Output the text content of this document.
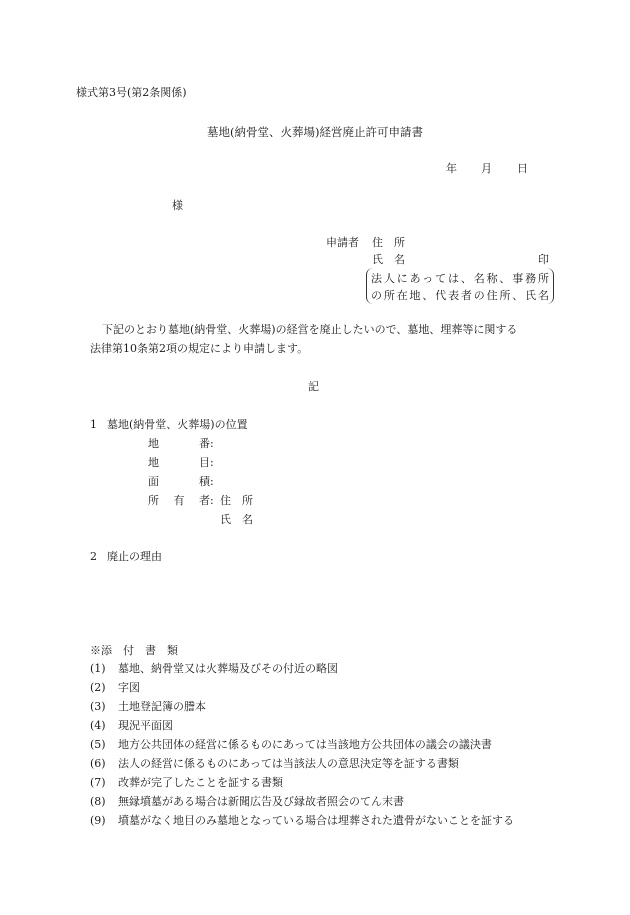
様式第3号(第2条関係)
墓地(納骨堂、火葬場)経営廃止許可申請書
年 月 日
様
申請者 住　所
氏　名	印
法人にあっては、名称、事務所
の所在地、代表者の住所、氏名
下記のとおり墓地(納骨堂、火葬場)の経営を廃止したいので、墓地、埋葬等に関する
法律第10条第2項の規定により申請します。
記
1 墓地(納骨堂、火葬場)の位置
地番:
地目:
面積:
所有者: 住　所
氏　名
2 廃止の理由
※添　付　書　類
(1) 墓地、納骨堂又は火葬場及びその付近の略図
(2) 字図
(3) 土地登記簿の謄本
(4) 現況平面図
(5) 地方公共団体の経営に係るものにあっては当該地方公共団体の議会の議決書
(6) 法人の経営に係るものにあっては当該法人の意思決定等を証する書類
(7) 改葬が完了したことを証する書類
(8) 無縁墳墓がある場合は新聞広告及び縁故者照会のてん末書
(9) 墳墓がなく地目のみ墓地となっている場合は埋葬された遺骨がないことを証する
